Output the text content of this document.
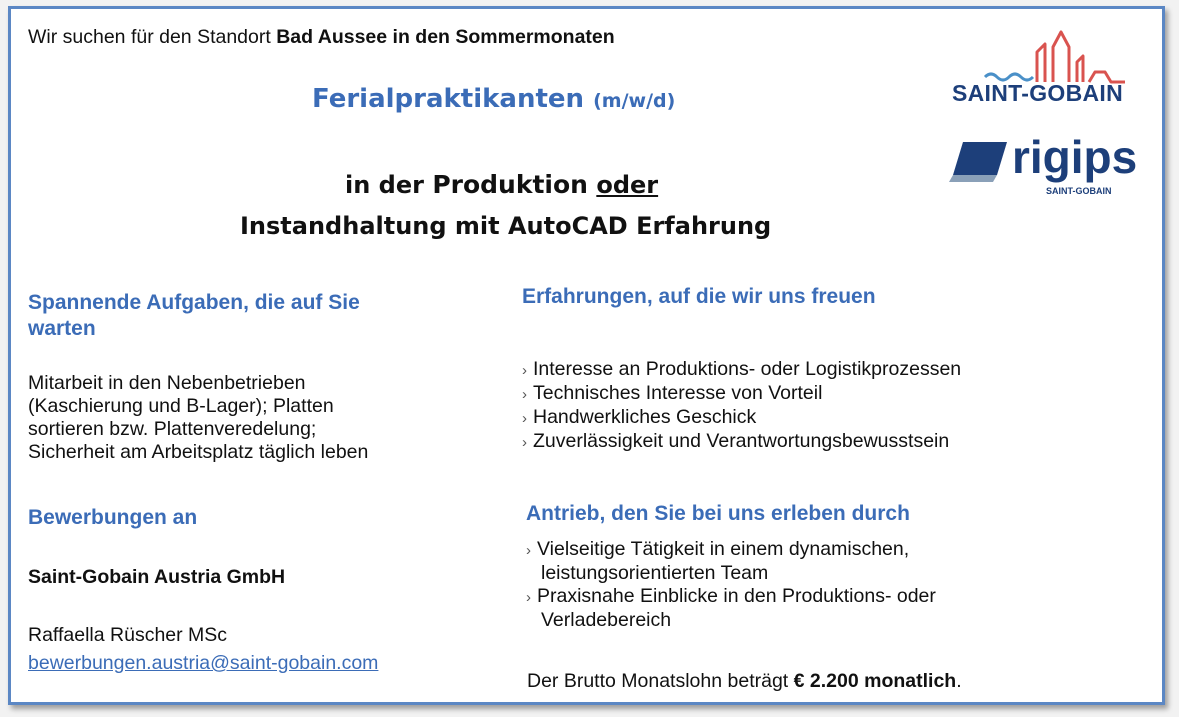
Wir suchen für den Standort Bad Aussee in den Sommermonaten
Ferialpraktikanten (m/w/d)
in der Produktion oder
Instandhaltung mit AutoCAD Erfahrung
SAINT-GOBAIN
rigips
SAINT-GOBAIN
Spannende Aufgaben, die auf Sie
warten
Mitarbeit in den Nebenbetrieben
(Kaschierung und B-Lager); Platten
sortieren bzw. Plattenveredelung;
Sicherheit am Arbeitsplatz täglich leben
Bewerbungen an
Saint-Gobain Austria GmbH
Raffaella Rüscher MSc
bewerbungen.austria@saint-gobain.com
Erfahrungen, auf die wir uns freuen
› Interesse an Produktions- oder Logistikprozessen
› Technisches Interesse von Vorteil
› Handwerkliches Geschick
› Zuverlässigkeit und Verantwortungsbewusstsein
Antrieb, den Sie bei uns erleben durch
› Vielseitige Tätigkeit in einem dynamischen,
leistungsorientierten Team
› Praxisnahe Einblicke in den Produktions- oder
Verladebereich
Der Brutto Monatslohn beträgt € 2.200 monatlich.
